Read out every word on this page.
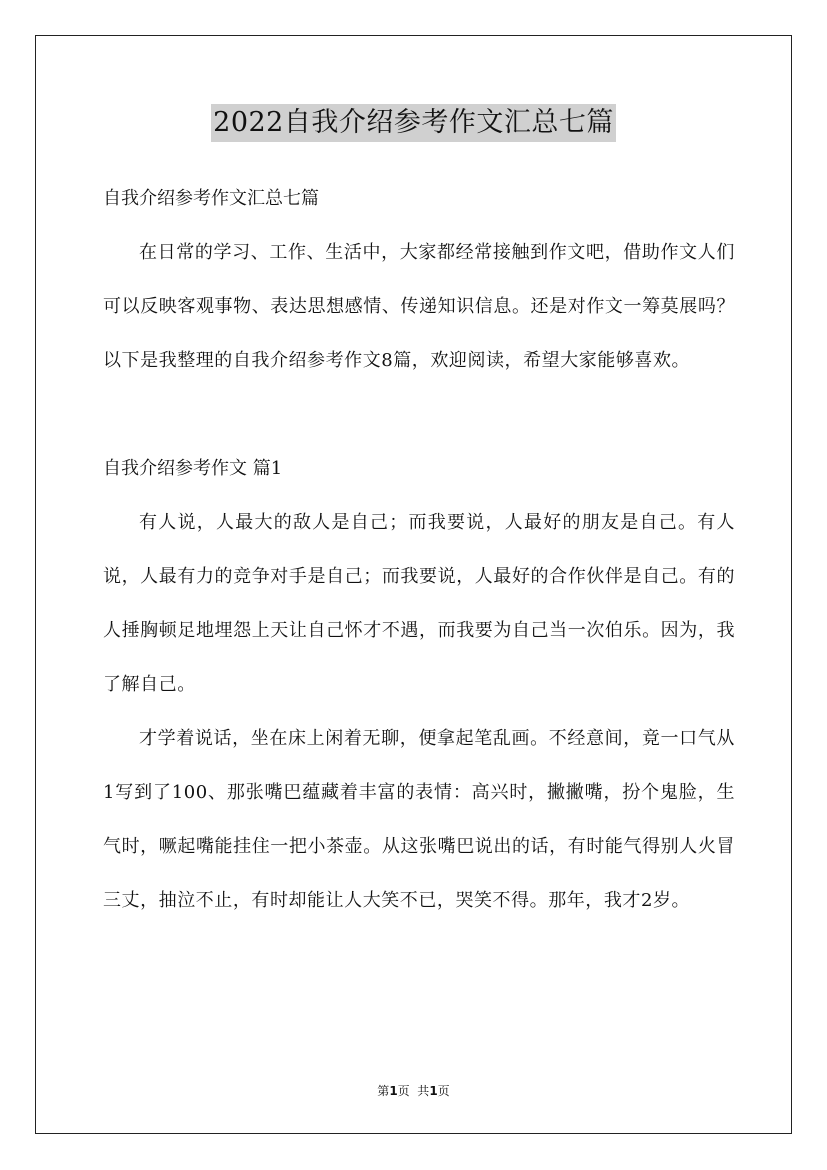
2022自我介绍参考作文汇总七篇
自我介绍参考作文汇总七篇
在日常的学习、工作、生活中，大家都经常接触到作文吧，借助作文人们可以反映客观事物、表达思想感情、传递知识信息。还是对作文一筹莫展吗？以下是我整理的自我介绍参考作文8篇，欢迎阅读，希望大家能够喜欢。
自我介绍参考作文 篇1
有人说，人最大的敌人是自己；而我要说，人最好的朋友是自己。有人说，人最有力的竞争对手是自己；而我要说，人最好的合作伙伴是自己。有的人捶胸顿足地埋怨上天让自己怀才不遇，而我要为自己当一次伯乐。因为，我了解自己。
才学着说话，坐在床上闲着无聊，便拿起笔乱画。不经意间，竟一口气从1写到了100、那张嘴巴蕴藏着丰富的表情：高兴时，撇撇嘴，扮个鬼脸，生气时，噘起嘴能挂住一把小茶壶。从这张嘴巴说出的话，有时能气得别人火冒三丈，抽泣不止，有时却能让人大笑不已，哭笑不得。那年，我才2岁。
第1页  共1页
